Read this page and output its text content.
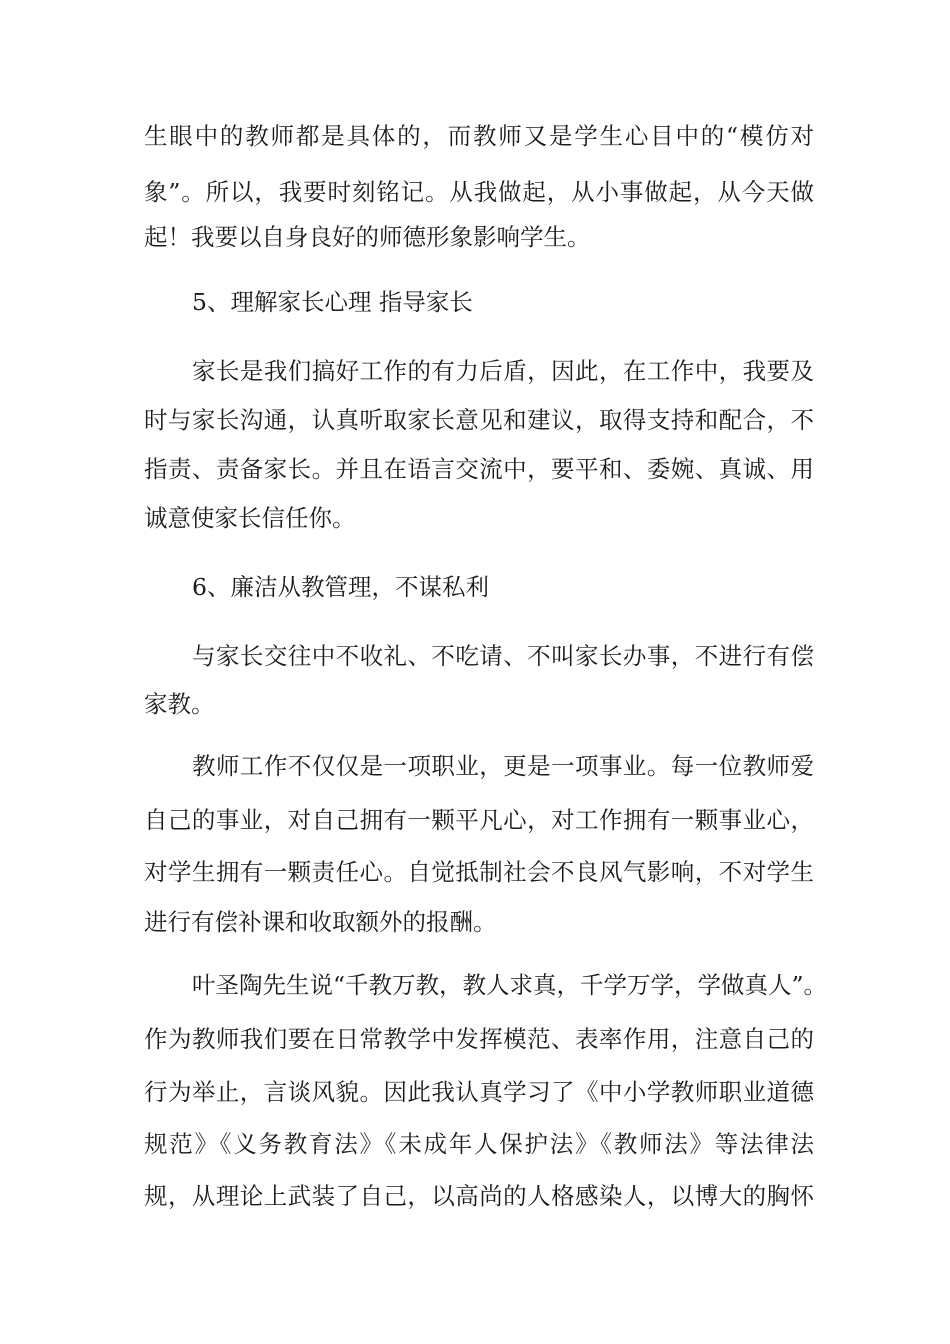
生眼中的教师都是具体的，而教师又是学生心目中的“模仿对
象”。所以，我要时刻铭记。从我做起，从小事做起，从今天做
起！我要以自身良好的师德形象影响学生。
5、理解家长心理 指导家长
家长是我们搞好工作的有力后盾，因此，在工作中，我要及
时与家长沟通，认真听取家长意见和建议，取得支持和配合，不
指责、责备家长。并且在语言交流中，要平和、委婉、真诚、用
诚意使家长信任你。
6、廉洁从教管理，不谋私利
与家长交往中不收礼、不吃请、不叫家长办事，不进行有偿
家教。
教师工作不仅仅是一项职业，更是一项事业。每一位教师爱
自己的事业，对自己拥有一颗平凡心，对工作拥有一颗事业心，
对学生拥有一颗责任心。自觉抵制社会不良风气影响，不对学生
进行有偿补课和收取额外的报酬。
叶圣陶先生说“千教万教，教人求真，千学万学，学做真人”。
作为教师我们要在日常教学中发挥模范、表率作用，注意自己的
行为举止，言谈风貌。因此我认真学习了《中小学教师职业道德
规范》《义务教育法》《未成年人保护法》《教师法》等法律法
规，从理论上武装了自己，以高尚的人格感染人，以博大的胸怀
